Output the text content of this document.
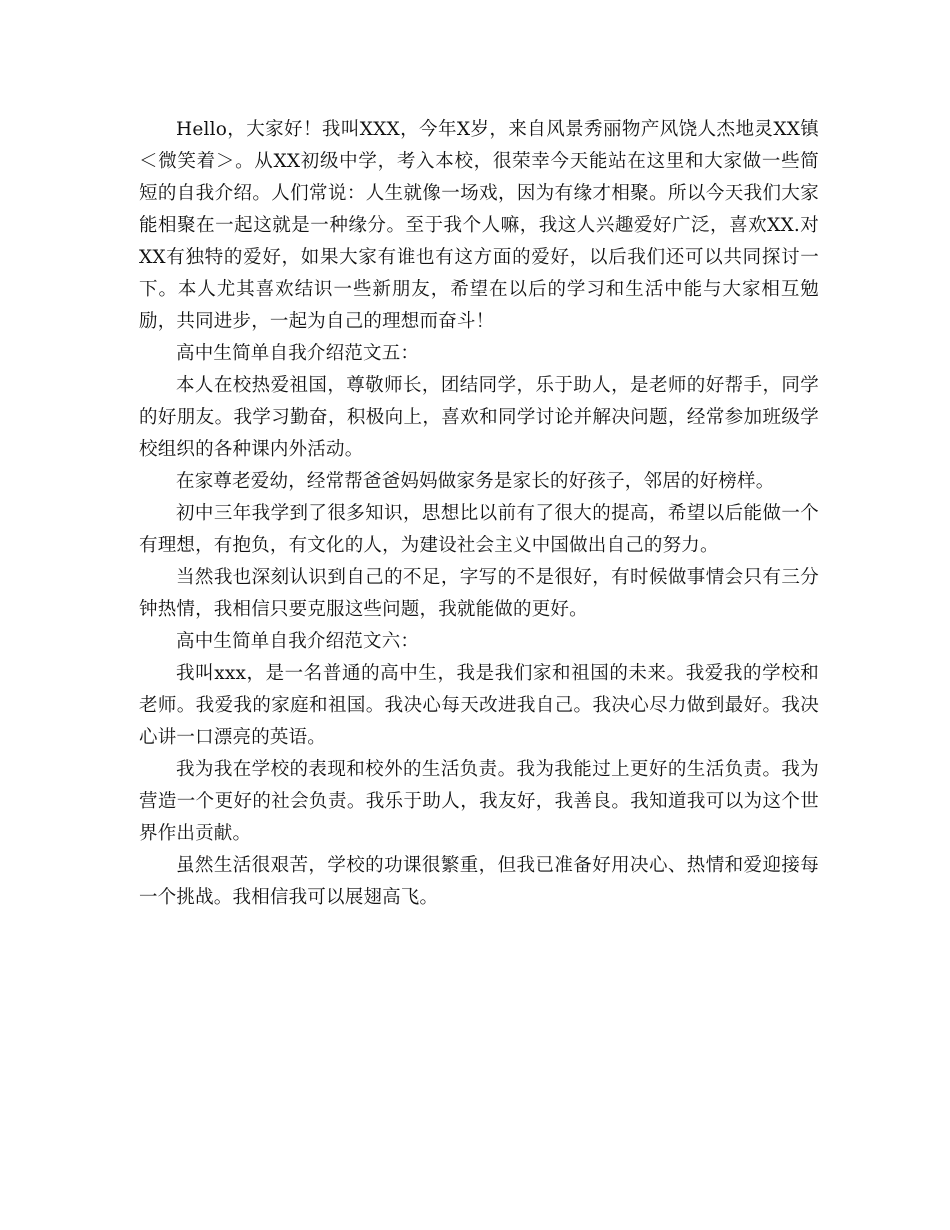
Hello，大家好！我叫XXX，今年X岁，来自风景秀丽物产风饶人杰地灵XX镇＜微笑着＞。从XX初级中学，考入本校，很荣幸今天能站在这里和大家做一些简短的自我介绍。人们常说：人生就像一场戏，因为有缘才相聚。所以今天我们大家能相聚在一起这就是一种缘分。至于我个人嘛，我这人兴趣爱好广泛，喜欢XX.对XX有独特的爱好，如果大家有谁也有这方面的爱好，以后我们还可以共同探讨一下。本人尤其喜欢结识一些新朋友，希望在以后的学习和生活中能与大家相互勉励，共同进步，一起为自己的理想而奋斗！

高中生简单自我介绍范文五：

本人在校热爱祖国，尊敬师长，团结同学，乐于助人，是老师的好帮手，同学的好朋友。我学习勤奋，积极向上，喜欢和同学讨论并解决问题，经常参加班级学校组织的各种课内外活动。

在家尊老爱幼，经常帮爸爸妈妈做家务是家长的好孩子，邻居的好榜样。

初中三年我学到了很多知识，思想比以前有了很大的提高，希望以后能做一个有理想，有抱负，有文化的人，为建设社会主义中国做出自己的努力。

当然我也深刻认识到自己的不足，字写的不是很好，有时候做事情会只有三分钟热情，我相信只要克服这些问题，我就能做的更好。

高中生简单自我介绍范文六：

我叫xxx，是一名普通的高中生，我是我们家和祖国的未来。我爱我的学校和老师。我爱我的家庭和祖国。我决心每天改进我自己。我决心尽力做到最好。我决心讲一口漂亮的英语。

我为我在学校的表现和校外的生活负责。我为我能过上更好的生活负责。我为营造一个更好的社会负责。我乐于助人，我友好，我善良。我知道我可以为这个世界作出贡献。

虽然生活很艰苦，学校的功课很繁重，但我已准备好用决心、热情和爱迎接每一个挑战。我相信我可以展翅高飞。
